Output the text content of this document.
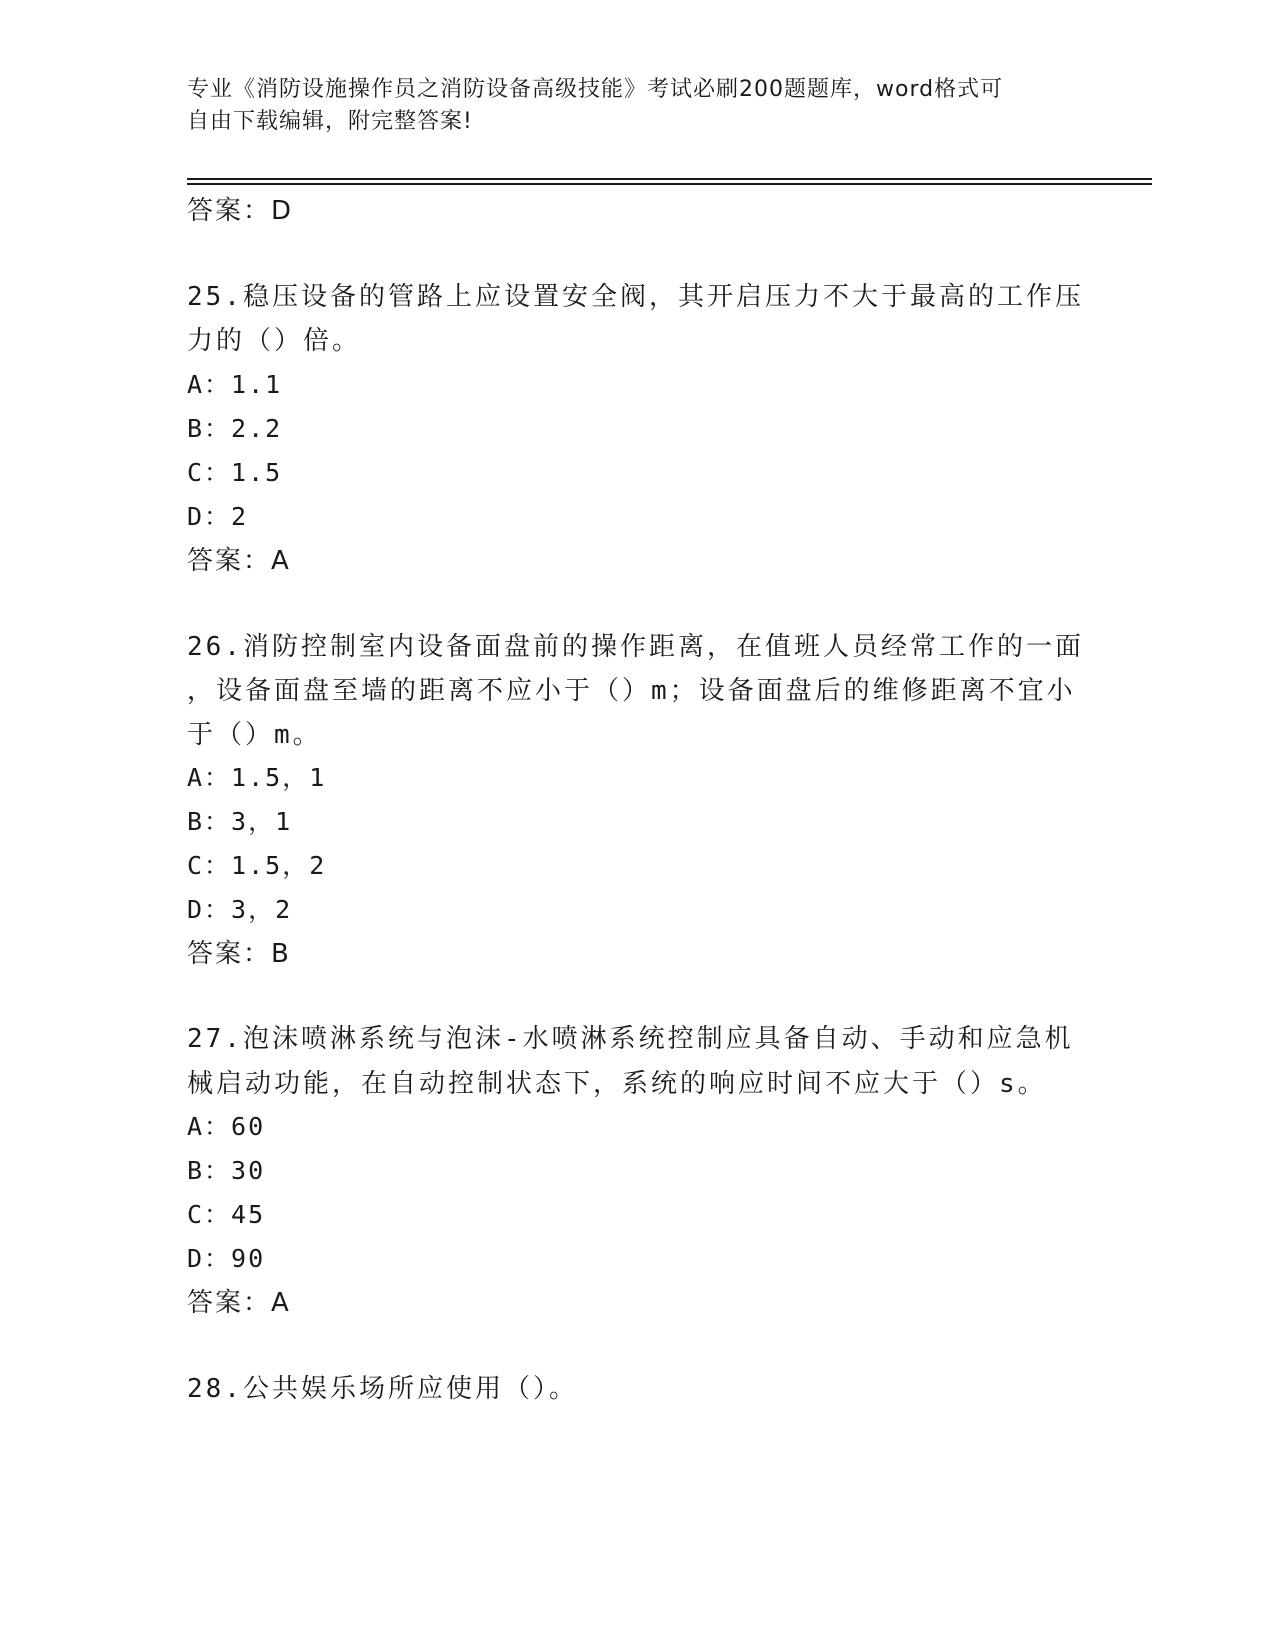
专业《消防设施操作员之消防设备高级技能》考试必刷200题题库，word格式可
自由下载编辑，附完整答案!
答案：D
25.稳压设备的管路上应设置安全阀，其开启压力不大于最高的工作压
力的（）倍。
A：1.1
B：2.2
C：1.5
D：2
答案：A
26.消防控制室内设备面盘前的操作距离，在值班人员经常工作的一面
，设备面盘至墙的距离不应小于（）m；设备面盘后的维修距离不宜小
于（）m。
A：1.5，1
B：3，1
C：1.5，2
D：3，2
答案：B
27.泡沫喷淋系统与泡沫-水喷淋系统控制应具备自动、手动和应急机
械启动功能，在自动控制状态下，系统的响应时间不应大于（）s。
A：60
B：30
C：45
D：90
答案：A
28.公共娱乐场所应使用（）。
